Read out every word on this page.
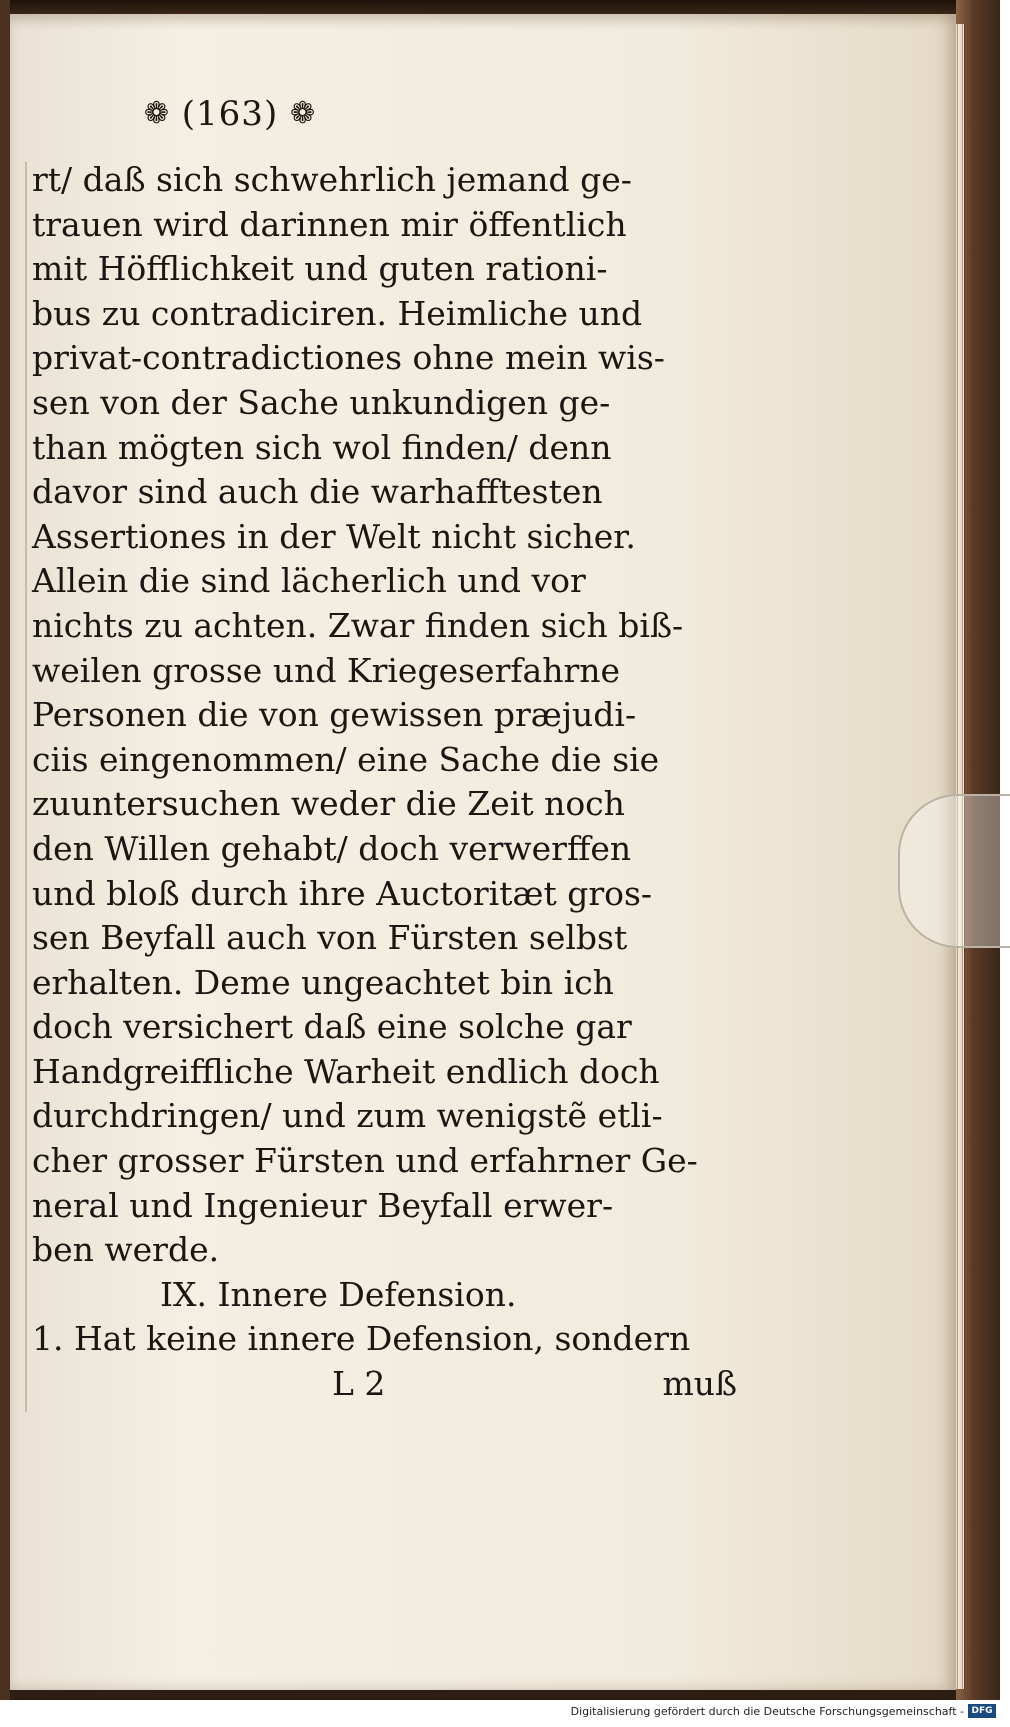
❁ (163) ❁
rt/ daß sich schwehrlich jemand ge-
trauen wird darinnen mir öffentlich
mit Höfflichkeit und guten rationi-
bus zu contradiciren. Heimliche und
privat-contradictiones ohne mein wis-
sen von der Sache unkundigen ge-
than mögten sich wol finden/ denn
davor sind auch die warhafftesten
Assertiones in der Welt nicht sicher.
Allein die sind lächerlich und vor
nichts zu achten. Zwar finden sich biß-
weilen grosse und Kriegeserfahrne
Personen die von gewissen præjudi-
ciis eingenommen/ eine Sache die sie
zuuntersuchen weder die Zeit noch
den Willen gehabt/ doch verwerffen
und bloß durch ihre Auctoritæt gros-
sen Beyfall auch von Fürsten selbst
erhalten. Deme ungeachtet bin ich
doch versichert daß eine solche gar
Handgreiffliche Warheit endlich doch
durchdringen/ und zum wenigstẽ etli-
cher grosser Fürsten und erfahrner Ge-
neral und Ingenieur Beyfall erwer-
ben werde.
IX. Innere Defension.
1. Hat keine innere Defension, sondern
L 2	muß
Digitalisierung gefördert durch die Deutsche Forschungsgemeinschaft - DFG
